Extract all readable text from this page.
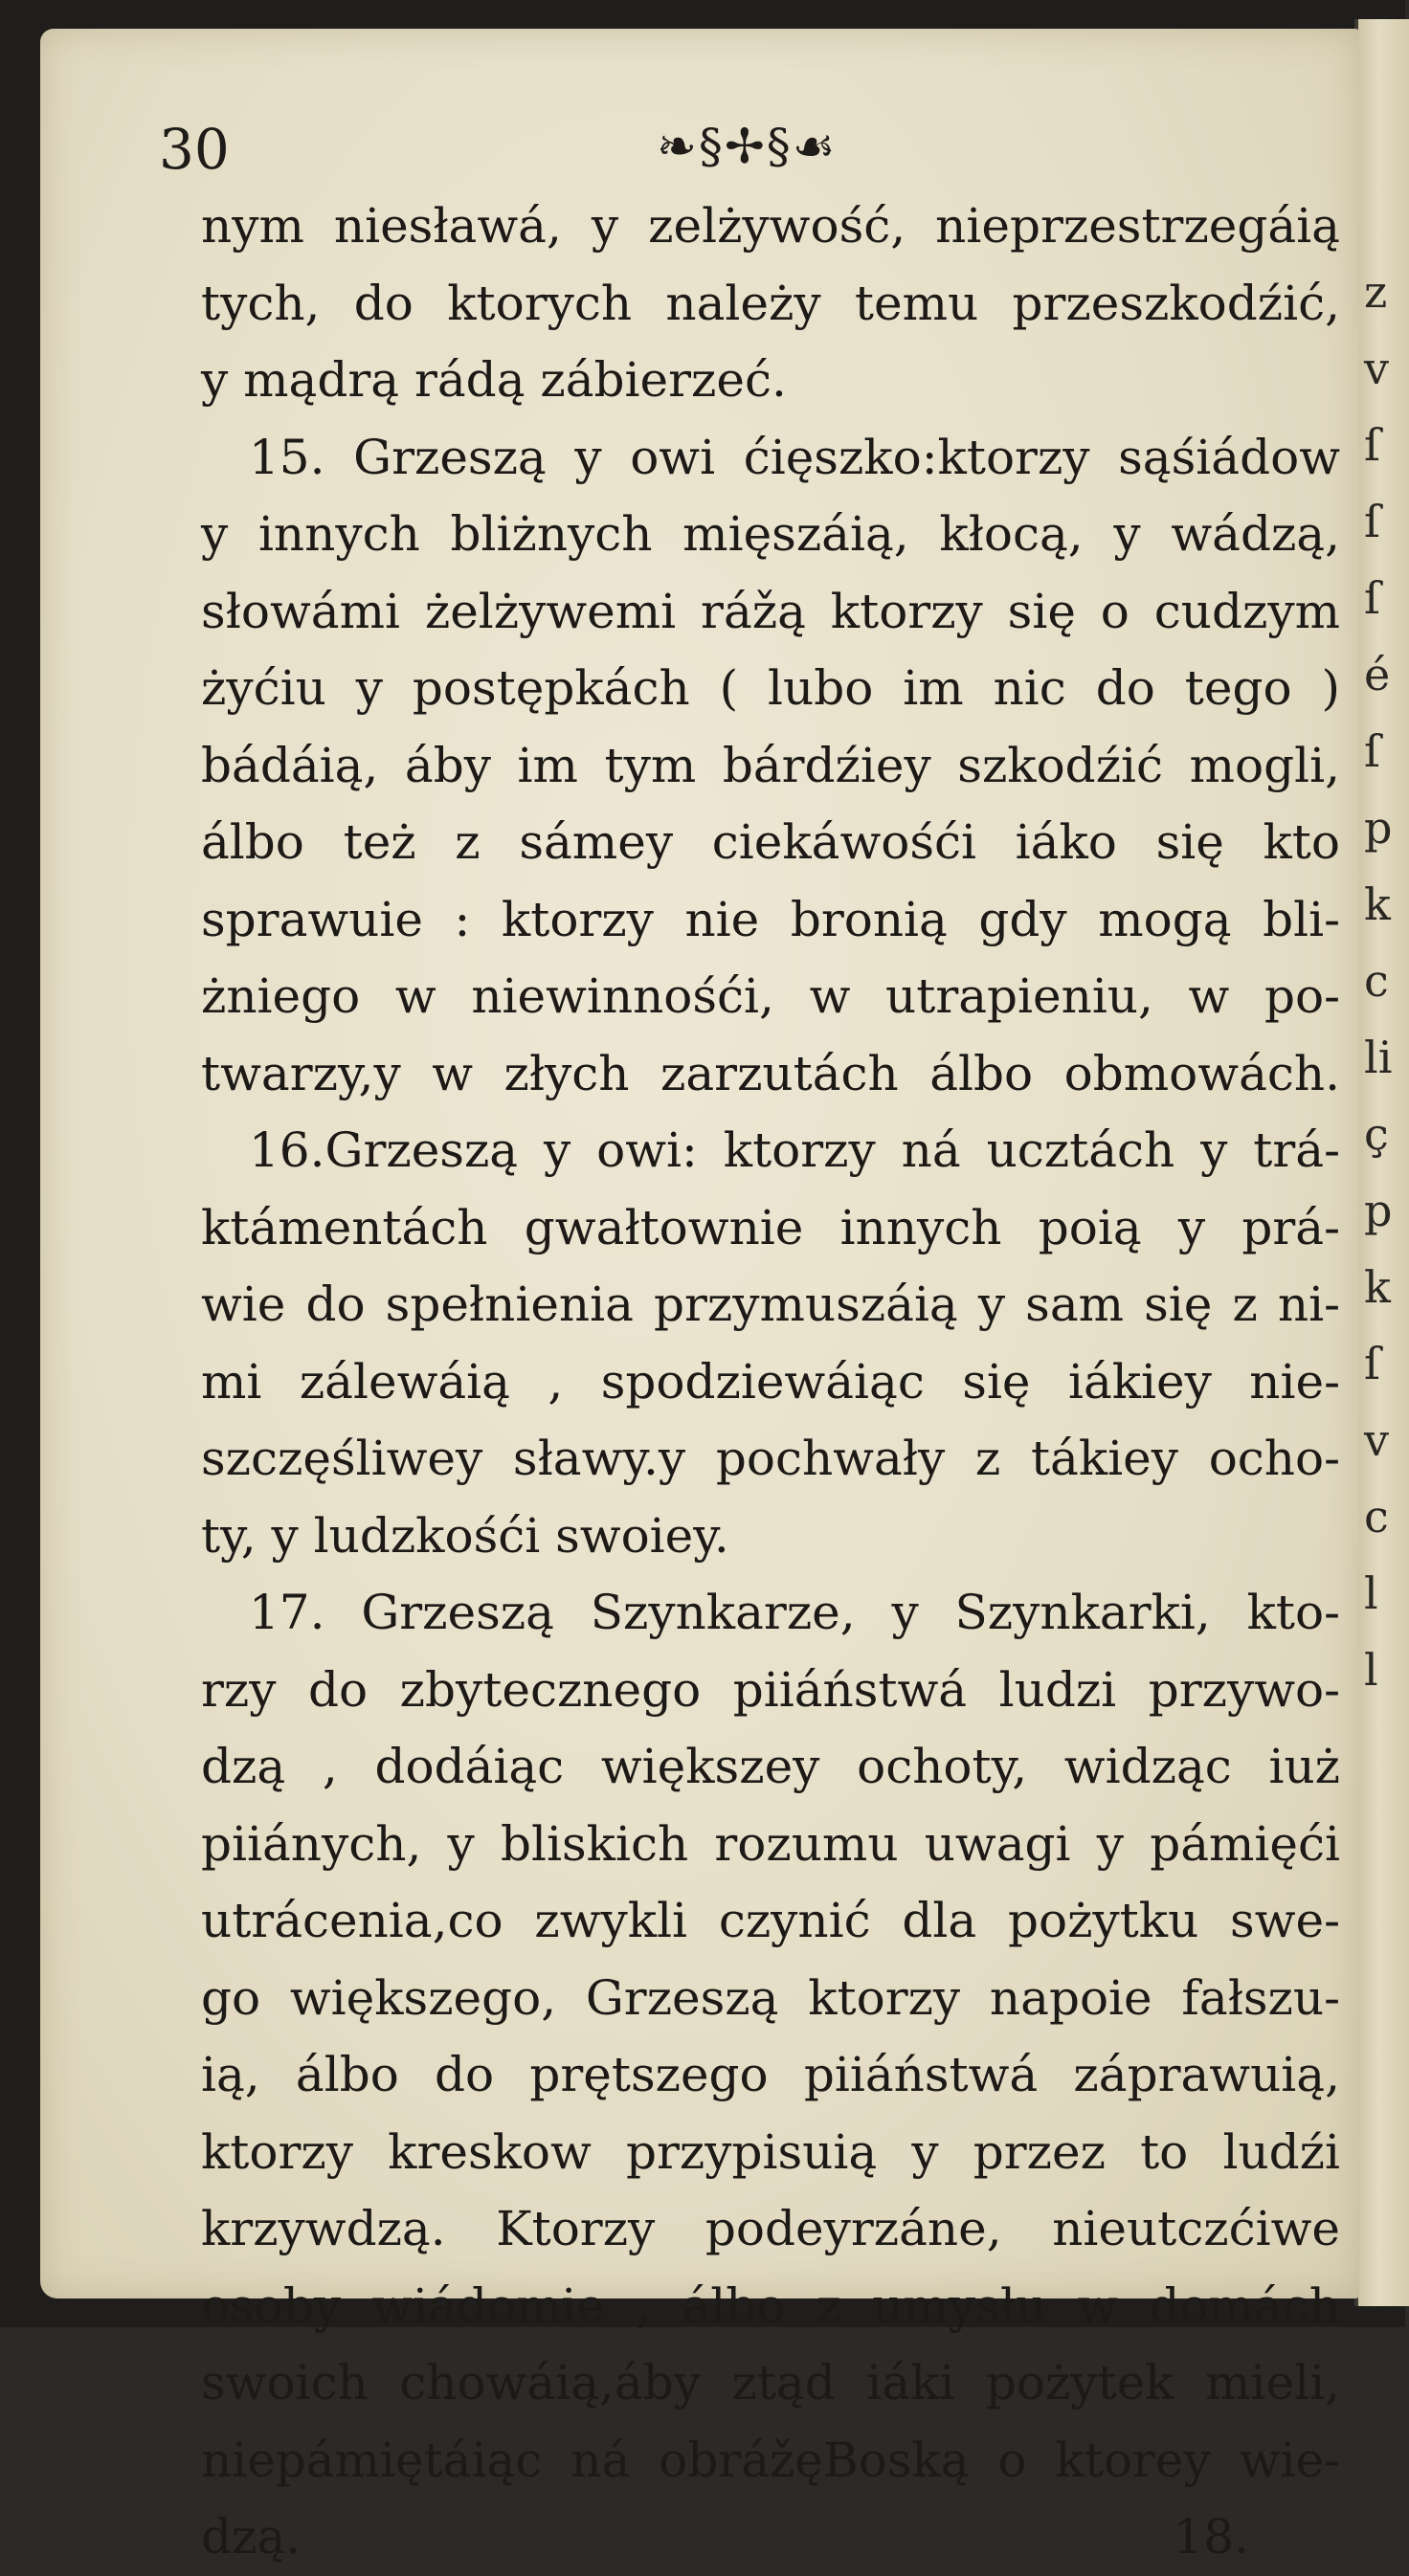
z
v
ſ
ſ
ſ
é
ſ
p
k
c
li
ç
p
k
ſ
v
c
l
l
30	❧§✢§☙
nym niesławá, y zelżywość, nieprzestrzegáią
tych, do ktorych należy temu przeszkodźić,
y mądrą rádą zábierzeć.
15. Grzeszą y owi ćięszko:ktorzy sąśiádow
y innych bliżnych mięszáią, kłocą, y wádzą,
słowámi żelżywemi rážą ktorzy się o cudzym
żyćiu y postępkách ( lubo im nic do tego )
bádáią, áby im tym bárdźiey szkodźić mogli,
álbo też z sámey ciekáwośći iáko się kto
sprawuie : ktorzy nie bronią gdy mogą bli-
żniego w niewinnośći, w utrapieniu, w po-
twarzy,y w złych zarzutách álbo obmowách.
16.Grzeszą y owi: ktorzy ná ucztách y trá-
ktámentách gwałtownie innych poią y prá-
wie do spełnienia przymuszáią y sam się z ni-
mi zálewáią , spodziewáiąc się iákiey nie-
szczęśliwey sławy.y pochwały z tákiey ocho-
ty, y ludzkośći swoiey.
17. Grzeszą Szynkarze, y Szynkarki, kto-
rzy do zbytecznego piiáństwá ludzi przywo-
dzą , dodáiąc większey ochoty, widząc iuż
piiánych, y bliskich rozumu uwagi y pámięći
utrácenia,co zwykli czynić dla pożytku swe-
go większego, Grzeszą ktorzy napoie fałszu-
ią, álbo do prętszego piiáństwá záprawuią,
ktorzy kreskow przypisuią y przez to ludźi
krzywdzą. Ktorzy podeyrzáne, nieutczćiwe
osoby wiádomie , álbo z umysłu w domách
swoich chowáią,áby ztąd iáki pożytek mieli,
niepámiętáiąc ná obrážęBoską o ktorey wie-
dzą.	18.
